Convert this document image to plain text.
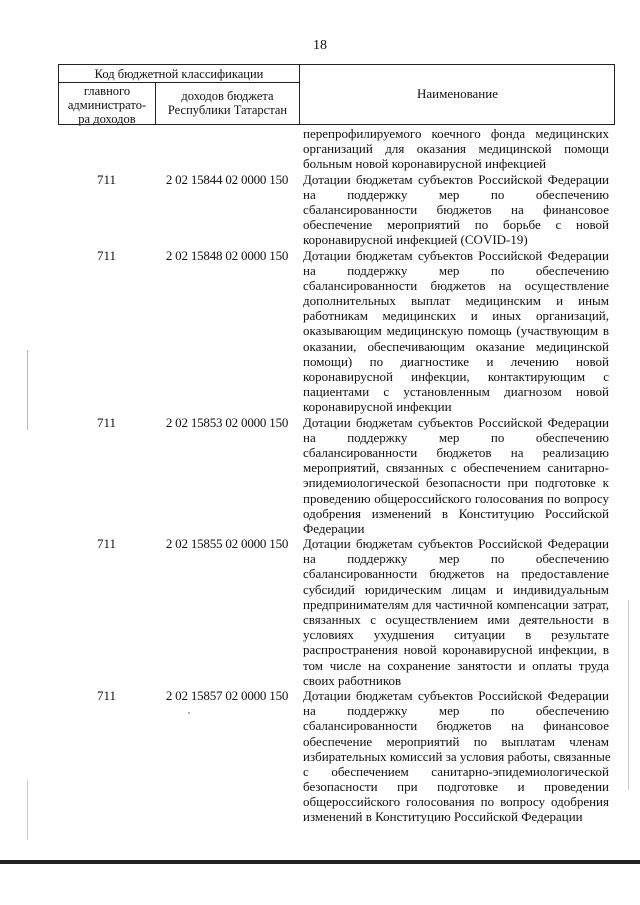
18
Код бюджетной классификации
главного
администрато-
ра доходов
доходов бюджета
Республики Татарстан
Наименование
перепрофилируемого коечного фонда медицинских
организаций для оказания медицинской помощи
больным новой коронавирусной инфекцией
711	2 02 15844 02 0000 150	Дотации бюджетам субъектов Российской Федерации
на поддержку мер по обеспечению
сбалансированности бюджетов на финансовое
обеспечение мероприятий по борьбе с новой
коронавирусной инфекцией (COVID-19)
711	2 02 15848 02 0000 150	Дотации бюджетам субъектов Российской Федерации
на поддержку мер по обеспечению
сбалансированности бюджетов на осуществление
дополнительных выплат медицинским и иным
работникам медицинских и иных организаций,
оказывающим медицинскую помощь (участвующим в
оказании, обеспечивающим оказание медицинской
помощи) по диагностике и лечению новой
коронавирусной инфекции, контактирующим с
пациентами с установленным диагнозом новой
коронавирусной инфекции
711	2 02 15853 02 0000 150	Дотации бюджетам субъектов Российской Федерации
на поддержку мер по обеспечению
сбалансированности бюджетов на реализацию
мероприятий, связанных с обеспечением санитарно-
эпидемиологической безопасности при подготовке к
проведению общероссийского голосования по вопросу
одобрения изменений в Конституцию Российской
Федерации
711	2 02 15855 02 0000 150	Дотации бюджетам субъектов Российской Федерации
на поддержку мер по обеспечению
сбалансированности бюджетов на предоставление
субсидий юридическим лицам и индивидуальным
предпринимателям для частичной компенсации затрат,
связанных с осуществлением ими деятельности в
условиях ухудшения ситуации в результате
распространения новой коронавирусной инфекции, в
том числе на сохранение занятости и оплаты труда
своих работников
711	2 02 15857 02 0000 150	Дотации бюджетам субъектов Российской Федерации
на поддержку мер по обеспечению
сбалансированности бюджетов на финансовое
обеспечение мероприятий по выплатам членам
избирательных комиссий за условия работы, связанные
с обеспечением санитарно-эпидемиологической
безопасности при подготовке и проведении
общероссийского голосования по вопросу одобрения
изменений в Конституцию Российской Федерации
